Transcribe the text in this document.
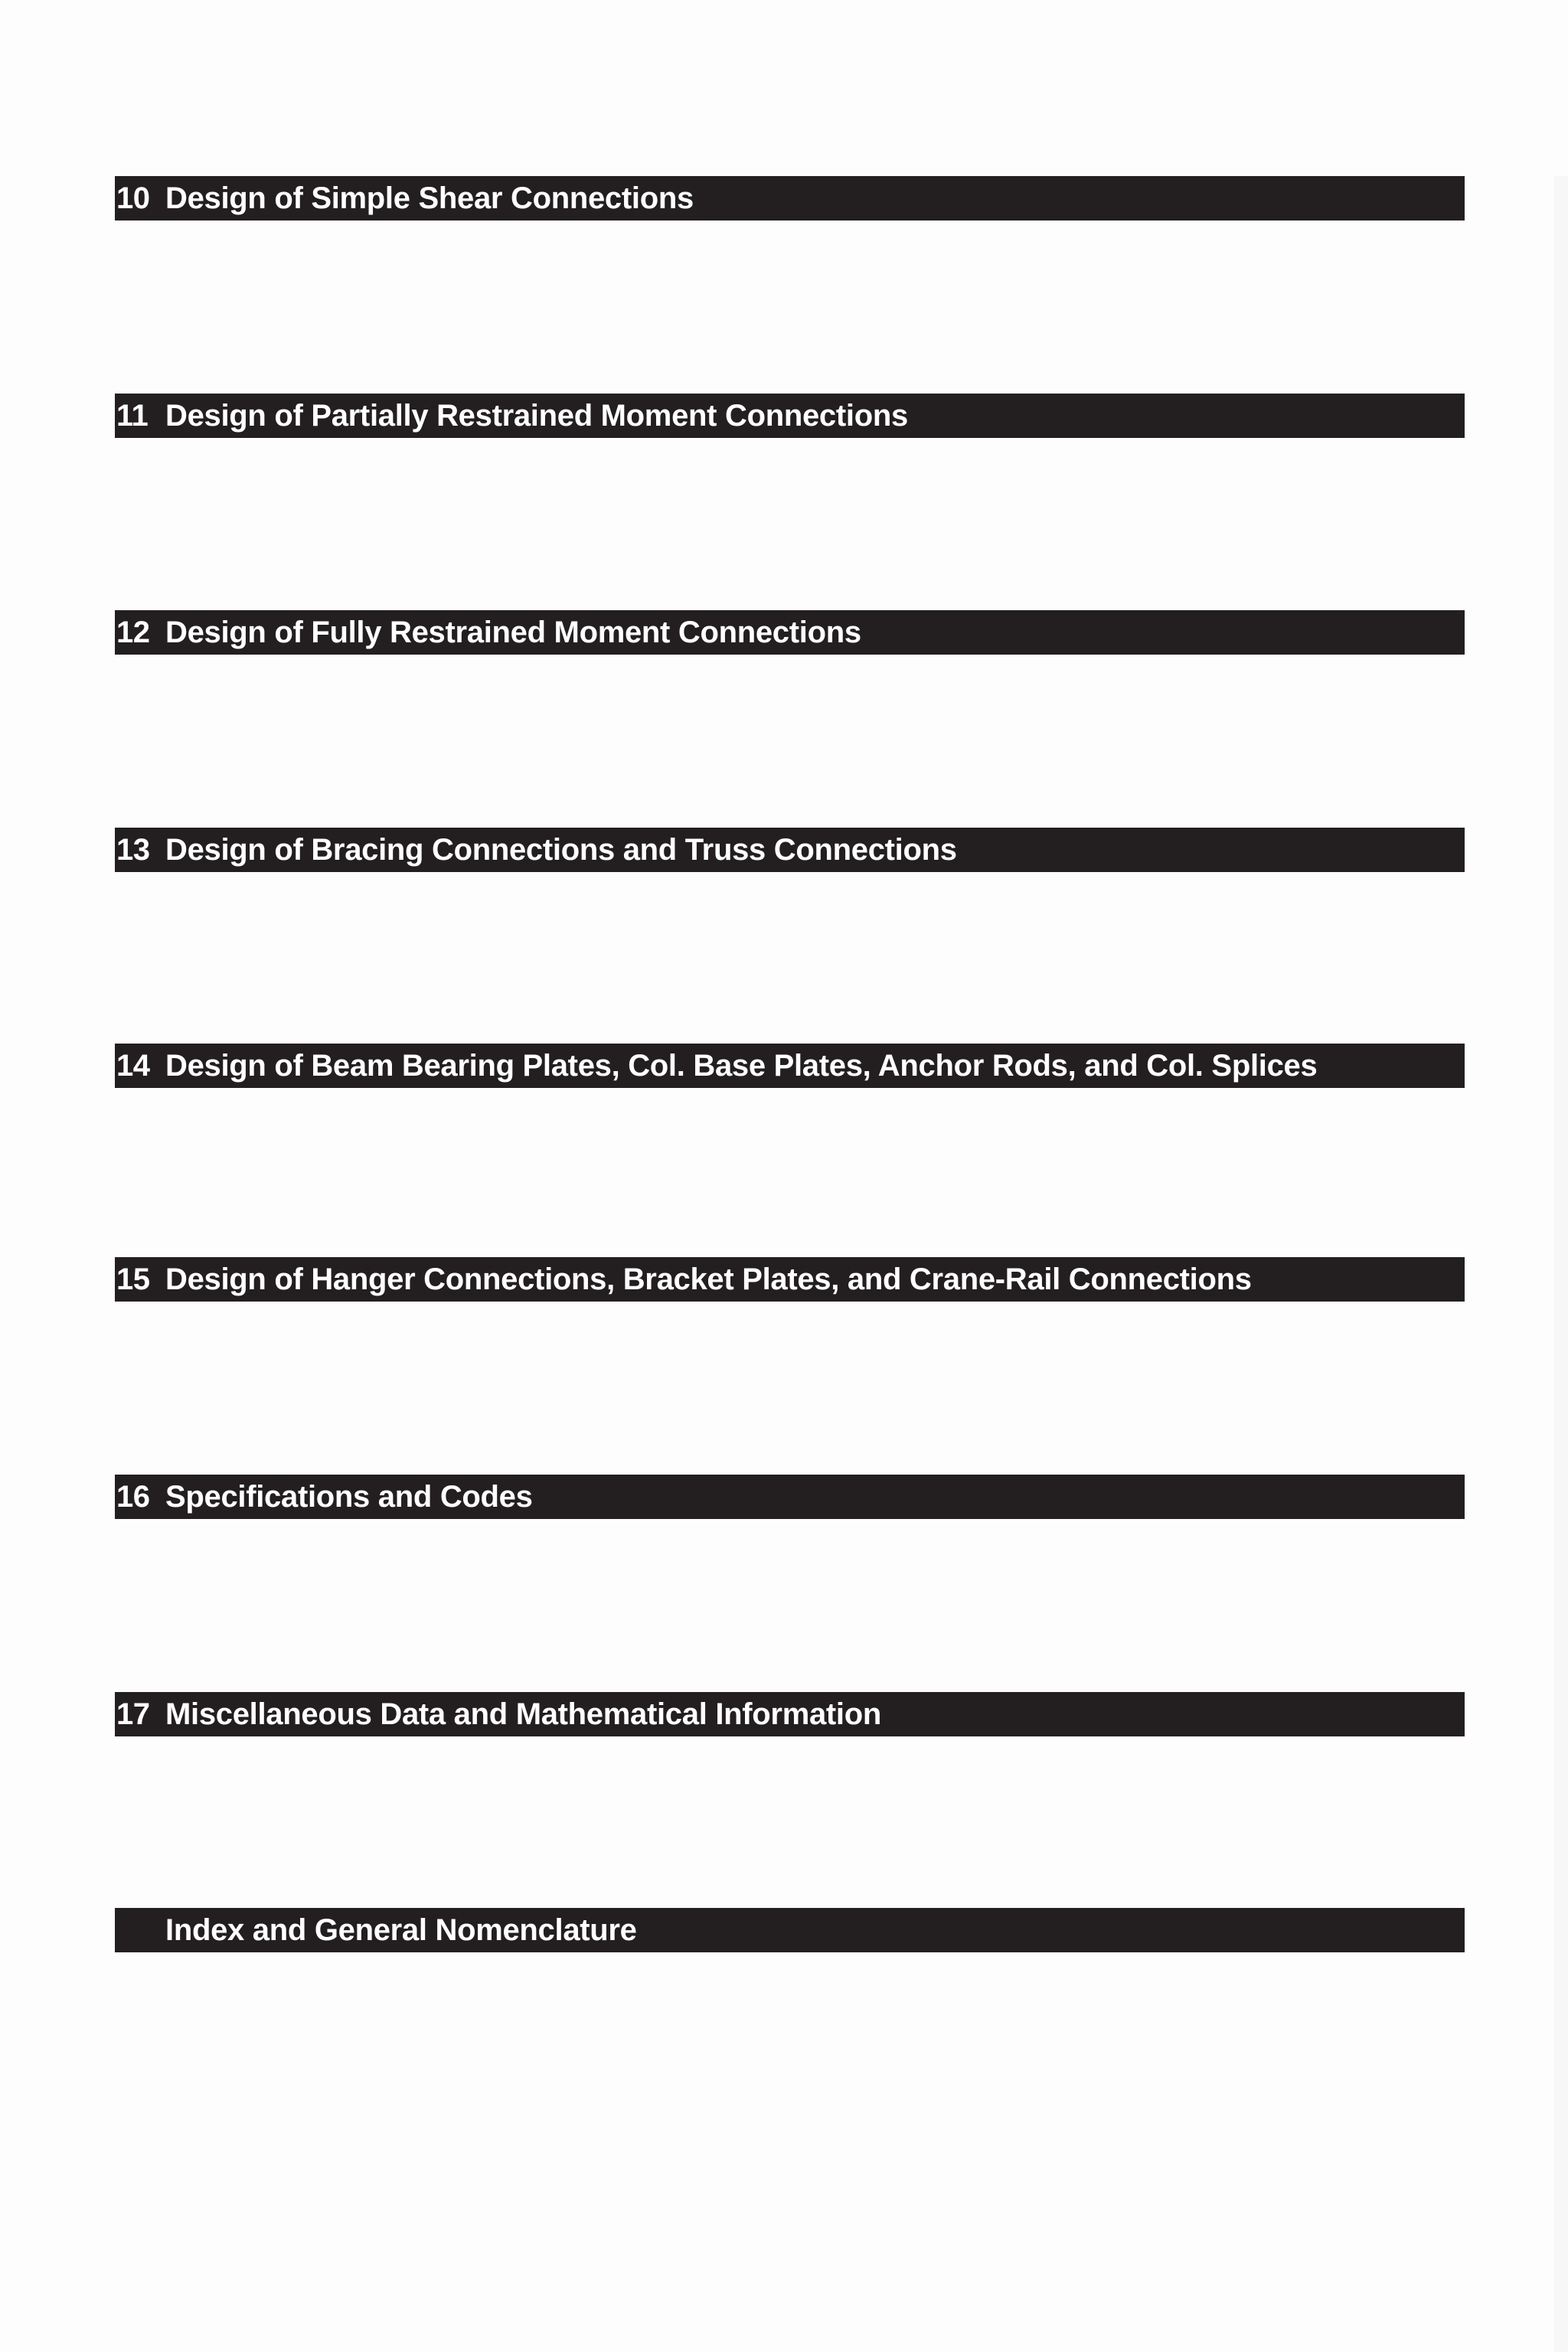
10 Design of Simple Shear Connections
11 Design of Partially Restrained Moment Connections
12 Design of Fully Restrained Moment Connections
13 Design of Bracing Connections and Truss Connections
14 Design of Beam Bearing Plates, Col. Base Plates, Anchor Rods, and Col. Splices
15 Design of Hanger Connections, Bracket Plates, and Crane-Rail Connections
16 Specifications and Codes
17 Miscellaneous Data and Mathematical Information
Index and General Nomenclature
